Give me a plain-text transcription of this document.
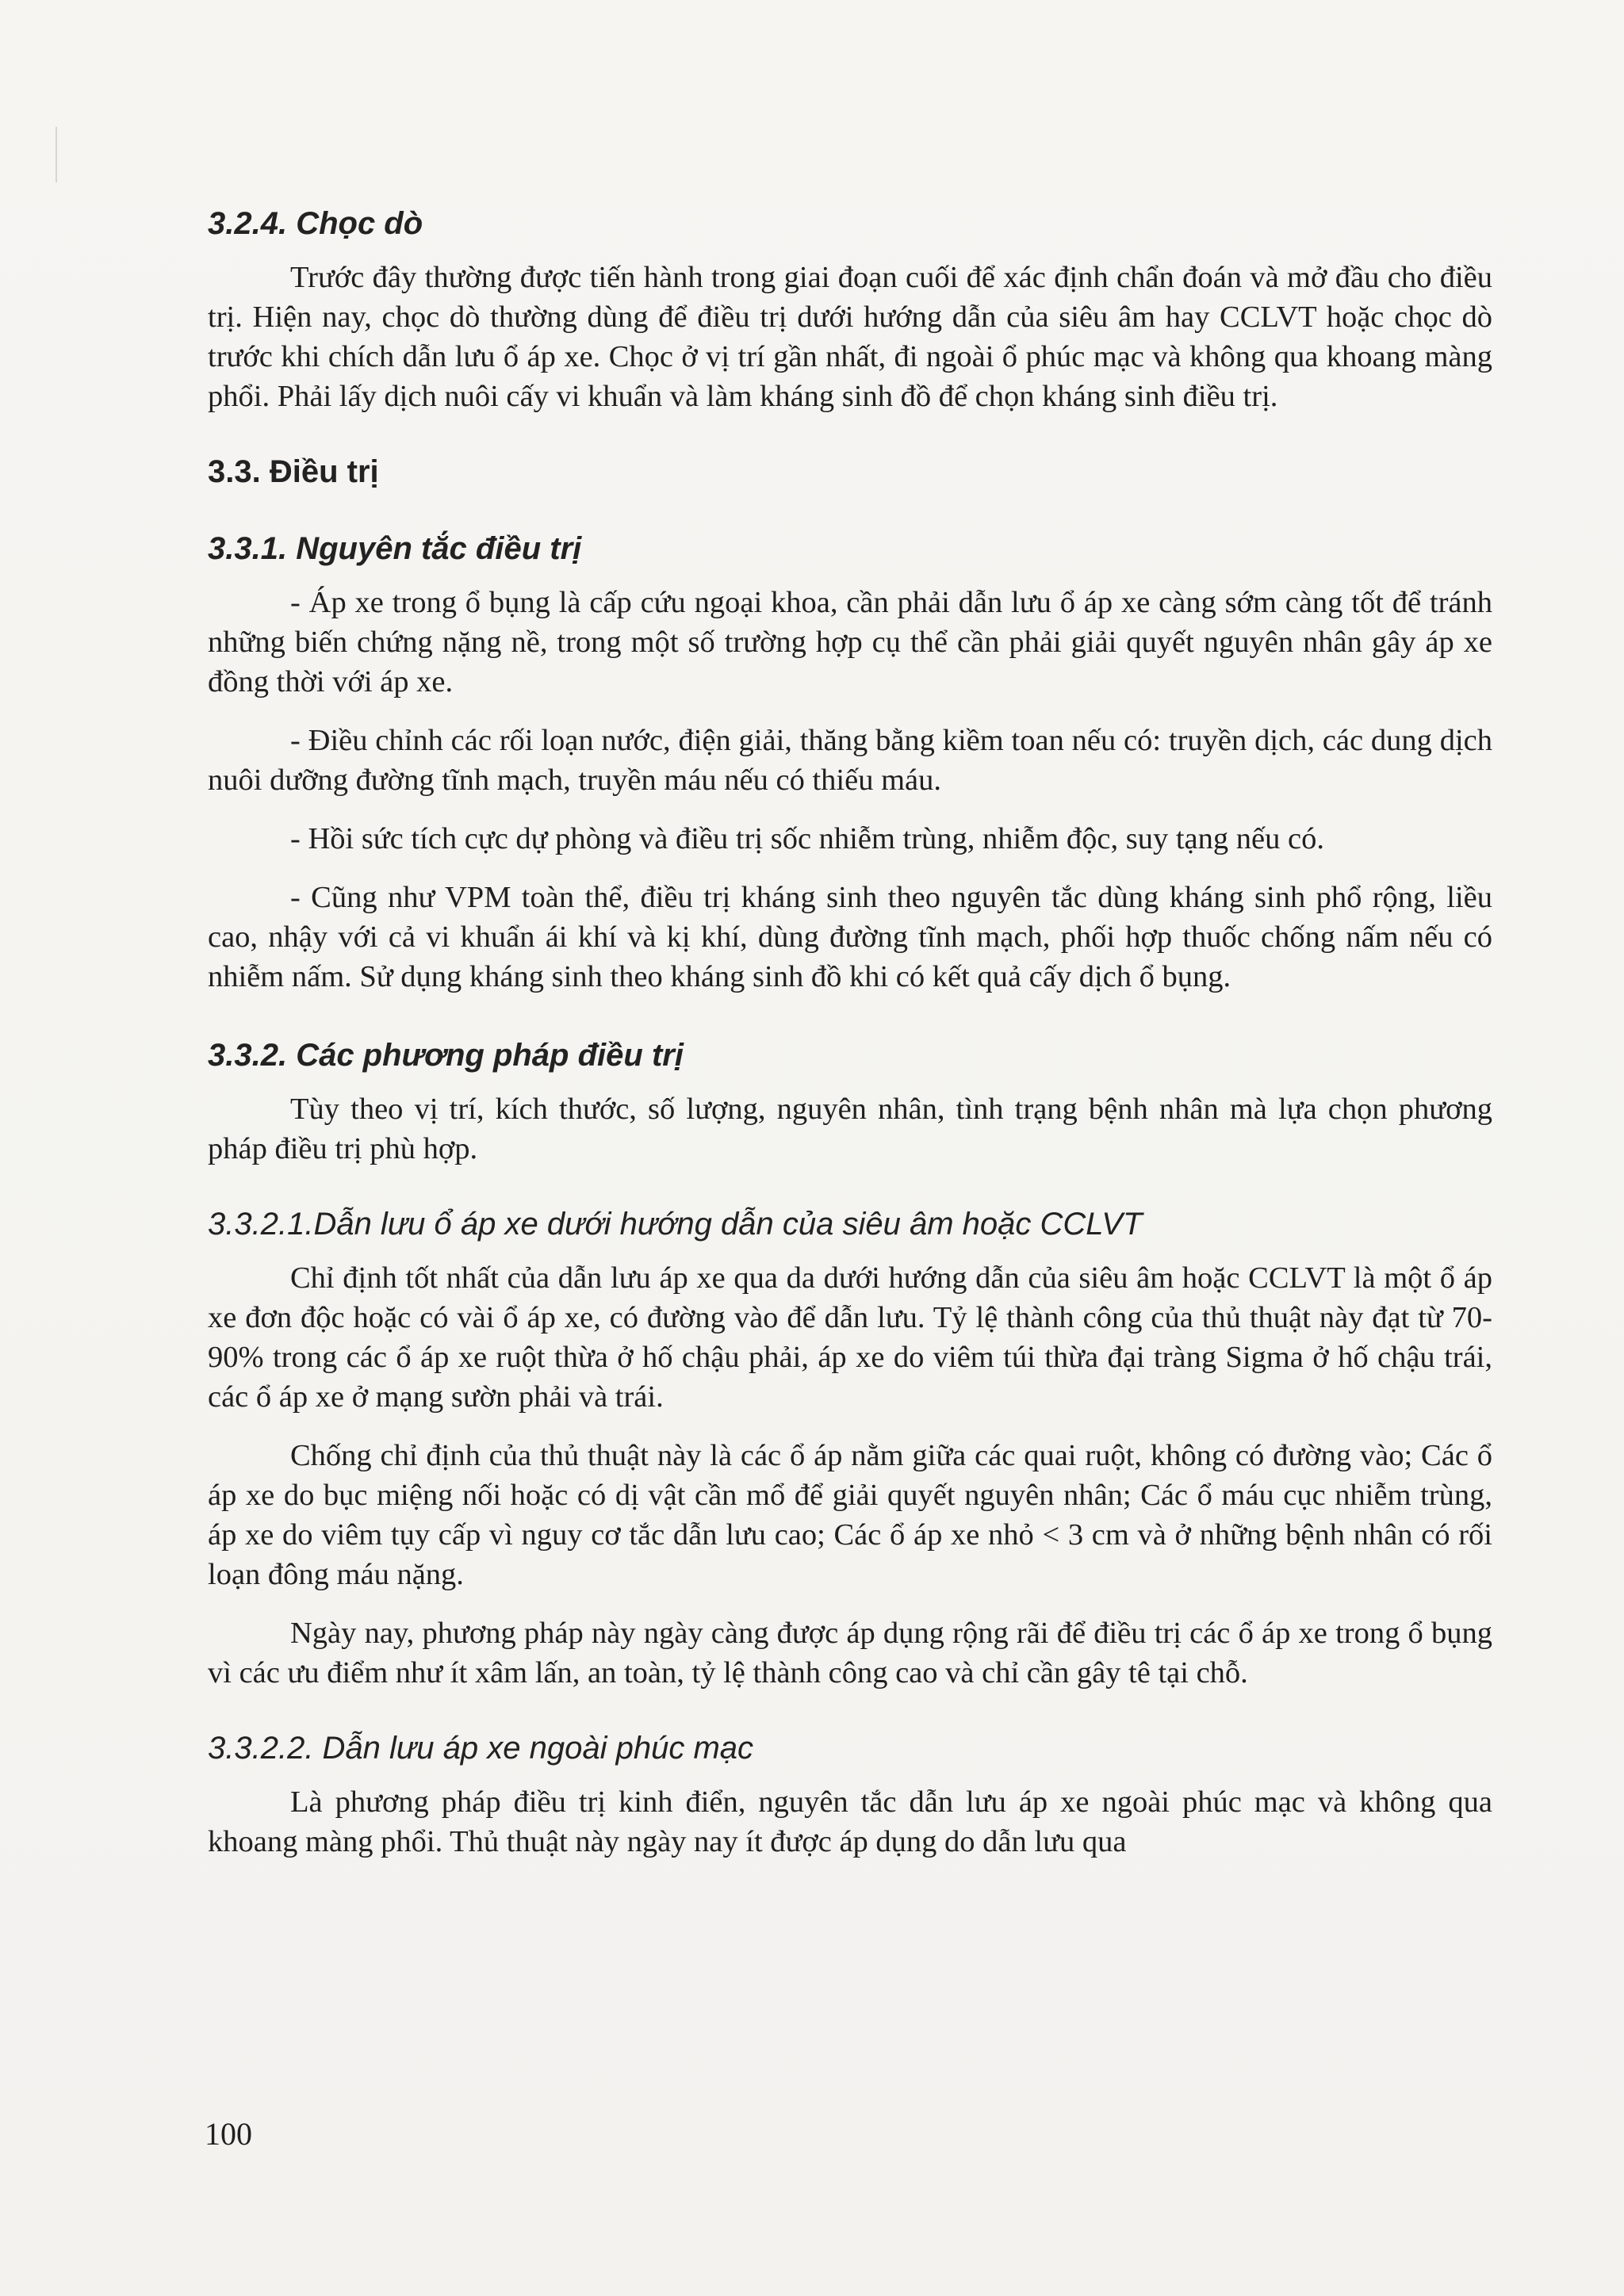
3.2.4. Chọc dò

Trước đây thường được tiến hành trong giai đoạn cuối để xác định chẩn đoán và mở đầu cho điều trị. Hiện nay, chọc dò thường dùng để điều trị dưới hướng dẫn của siêu âm hay CCLVT hoặc chọc dò trước khi chích dẫn lưu ổ áp xe. Chọc ở vị trí gần nhất, đi ngoài ổ phúc mạc và không qua khoang màng phổi. Phải lấy dịch nuôi cấy vi khuẩn và làm kháng sinh đồ để chọn kháng sinh điều trị.

3.3. Điều trị
3.3.1. Nguyên tắc điều trị

- Áp xe trong ổ bụng là cấp cứu ngoại khoa, cần phải dẫn lưu ổ áp xe càng sớm càng tốt để tránh những biến chứng nặng nề, trong một số trường hợp cụ thể cần phải giải quyết nguyên nhân gây áp xe đồng thời với áp xe.

- Điều chỉnh các rối loạn nước, điện giải, thăng bằng kiềm toan nếu có: truyền dịch, các dung dịch nuôi dưỡng đường tĩnh mạch, truyền máu nếu có thiếu máu.

- Hồi sức tích cực dự phòng và điều trị sốc nhiễm trùng, nhiễm độc, suy tạng nếu có.

- Cũng như VPM toàn thể, điều trị kháng sinh theo nguyên tắc dùng kháng sinh phổ rộng, liều cao, nhậy với cả vi khuẩn ái khí và kị khí, dùng đường tĩnh mạch, phối hợp thuốc chống nấm nếu có nhiễm nấm. Sử dụng kháng sinh theo kháng sinh đồ khi có kết quả cấy dịch ổ bụng.

3.3.2. Các phương pháp điều trị

Tùy theo vị trí, kích thước, số lượng, nguyên nhân, tình trạng bệnh nhân mà lựa chọn phương pháp điều trị phù hợp.

3.3.2.1.Dẫn lưu ổ áp xe dưới hướng dẫn của siêu âm hoặc CCLVT

Chỉ định tốt nhất của dẫn lưu áp xe qua da dưới hướng dẫn của siêu âm hoặc CCLVT là một ổ áp xe đơn độc hoặc có vài ổ áp xe, có đường vào để dẫn lưu. Tỷ lệ thành công của thủ thuật này đạt từ 70-90% trong các ổ áp xe ruột thừa ở hố chậu phải, áp xe do viêm túi thừa đại tràng Sigma ở hố chậu trái, các ổ áp xe ở mạng sườn phải và trái.

Chống chỉ định của thủ thuật này là các ổ áp nằm giữa các quai ruột, không có đường vào; Các ổ áp xe do bục miệng nối hoặc có dị vật cần mổ để giải quyết nguyên nhân; Các ổ máu cục nhiễm trùng, áp xe do viêm tụy cấp vì nguy cơ tắc dẫn lưu cao; Các ổ áp xe nhỏ < 3 cm và ở những bệnh nhân có rối loạn đông máu nặng.

Ngày nay, phương pháp này ngày càng được áp dụng rộng rãi để điều trị các ổ áp xe trong ổ bụng vì các ưu điểm như ít xâm lấn, an toàn, tỷ lệ thành công cao và chỉ cần gây tê tại chỗ.

3.3.2.2. Dẫn lưu áp xe ngoài phúc mạc

Là phương pháp điều trị kinh điển, nguyên tắc dẫn lưu áp xe ngoài phúc mạc và không qua khoang màng phổi. Thủ thuật này ngày nay ít được áp dụng do dẫn lưu qua

100
